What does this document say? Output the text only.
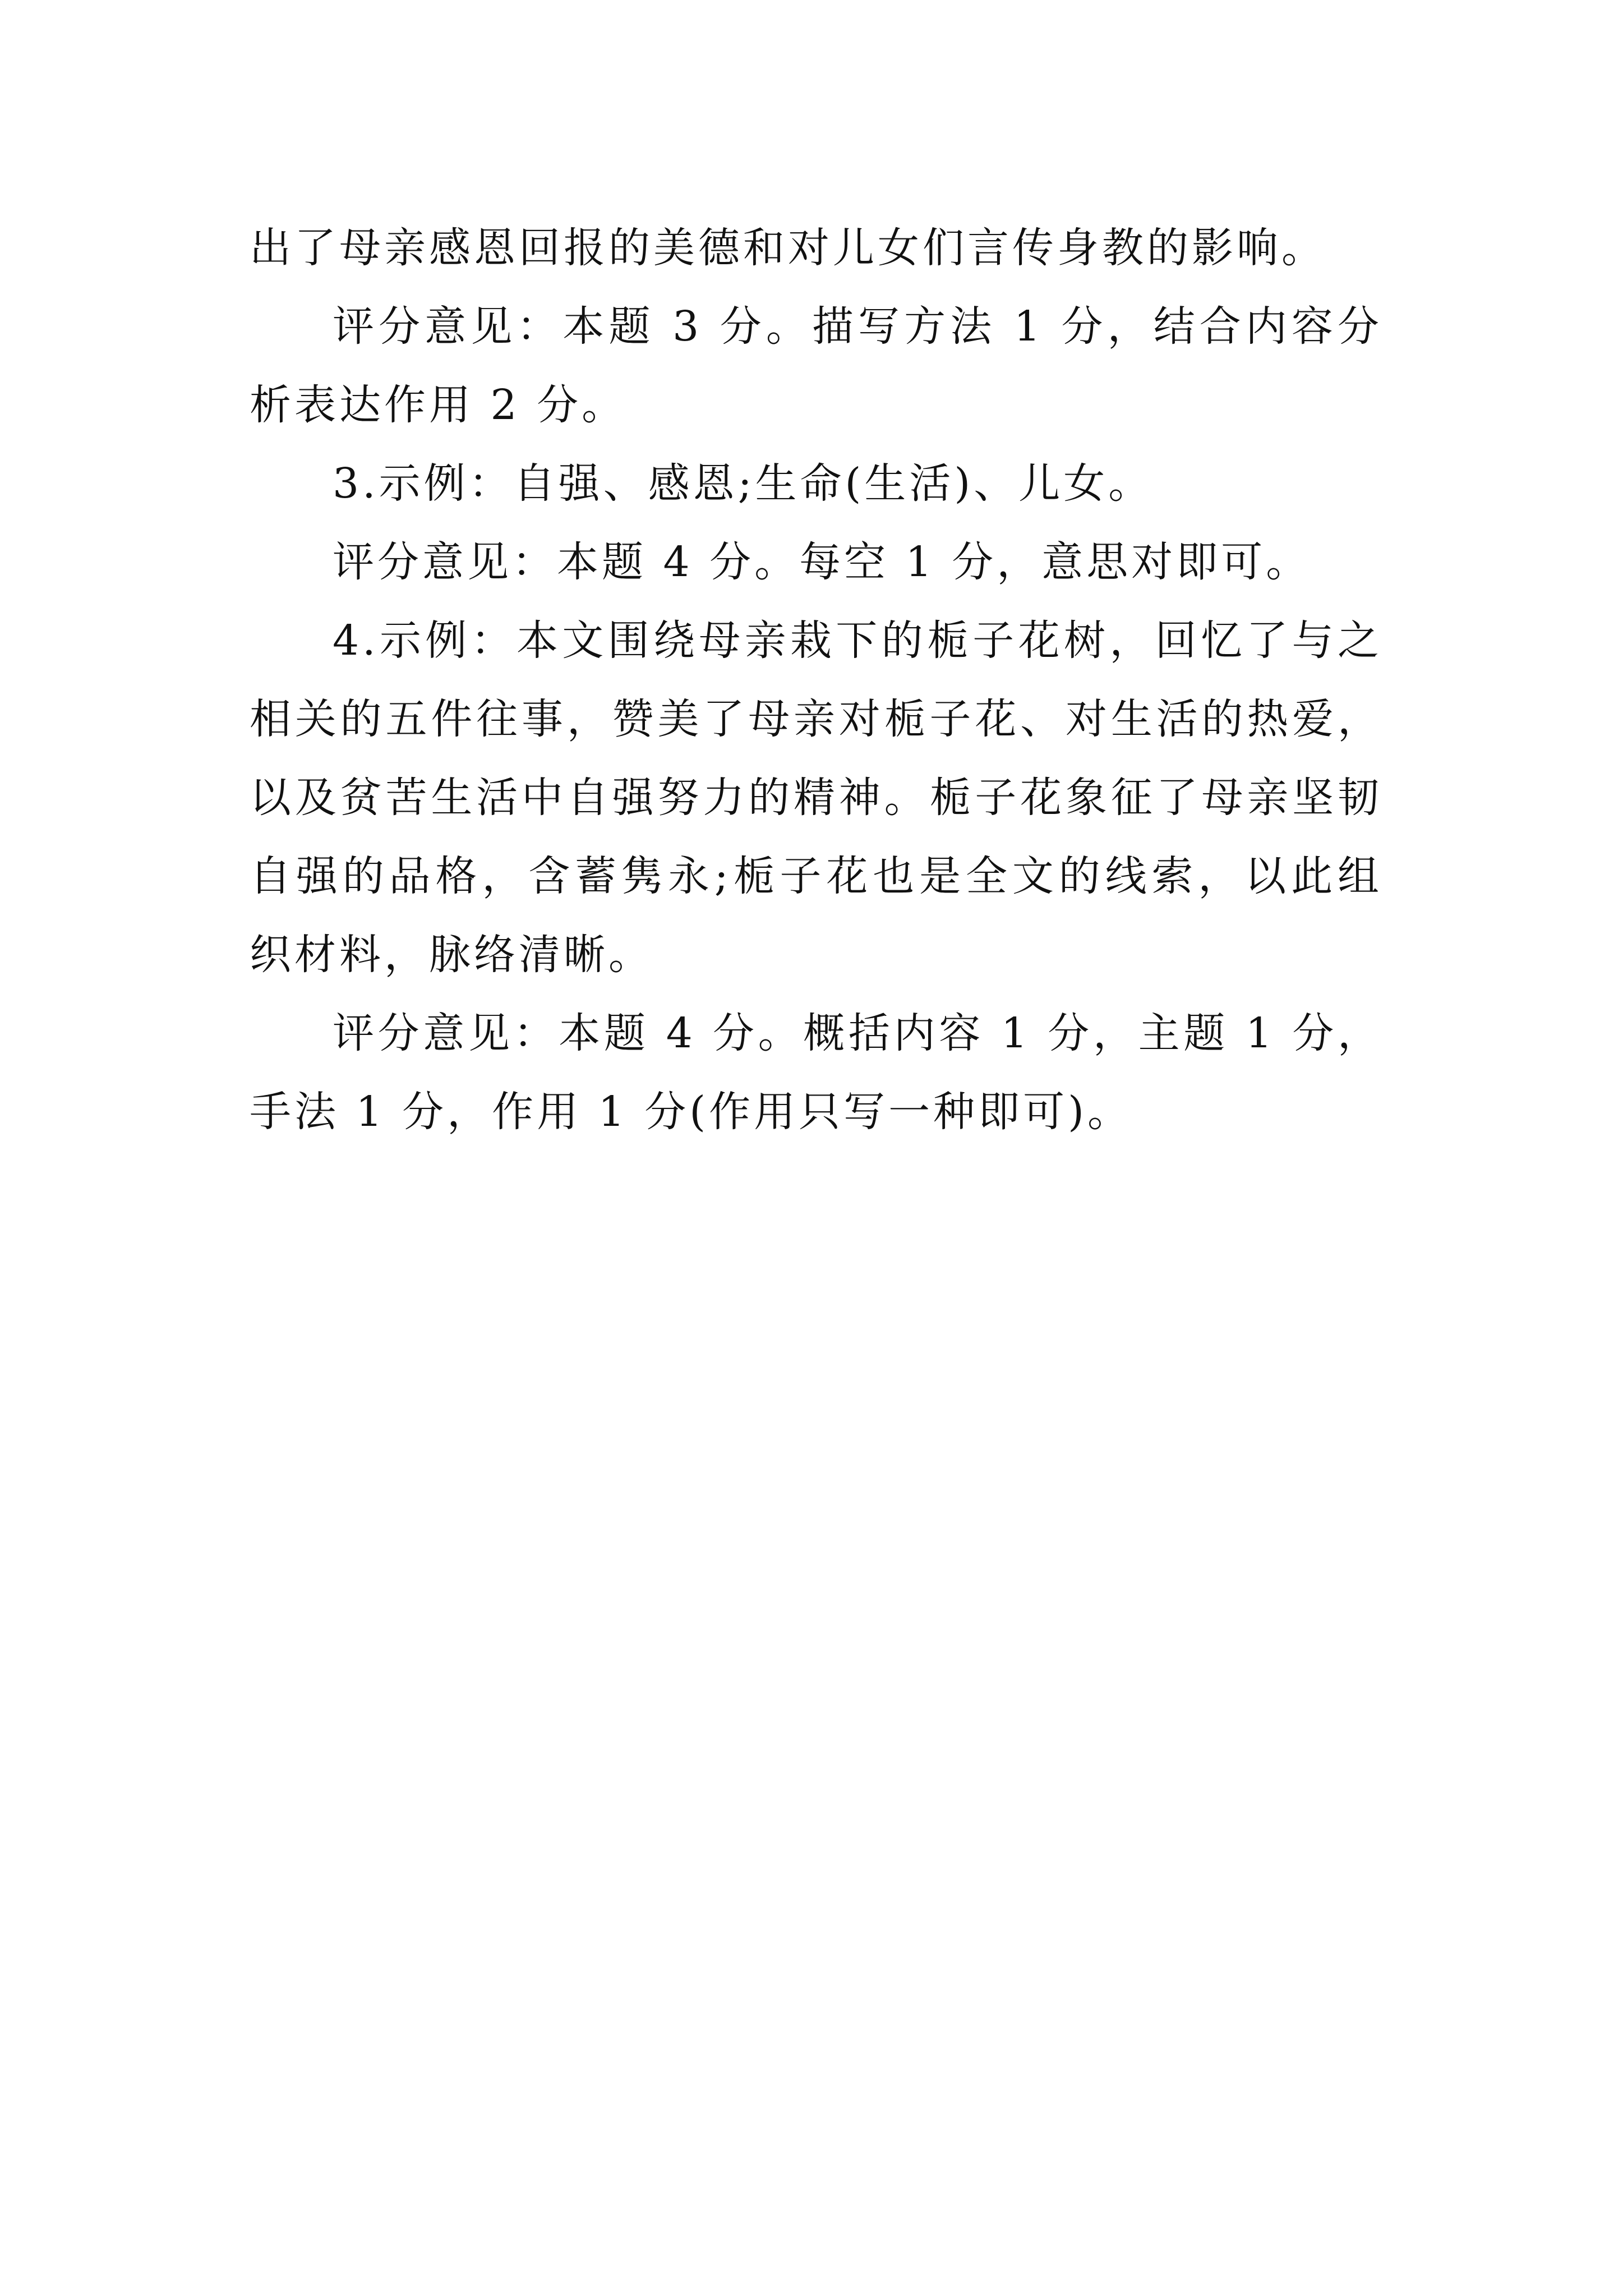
出了母亲感恩回报的美德和对儿女们言传身教的影响。

评分意见：本题 3 分。描写方法 1 分，结合内容分析表达作用 2 分。

3.示例：自强、感恩;生命(生活)、儿女。

评分意见：本题 4 分。每空 1 分，意思对即可。

4.示例：本文围绕母亲栽下的栀子花树，回忆了与之相关的五件往事，赞美了母亲对栀子花、对生活的热爱，以及贫苦生活中自强努力的精神。栀子花象征了母亲坚韧自强的品格，含蓄隽永;栀子花也是全文的线索，以此组织材料，脉络清晰。

评分意见：本题 4 分。概括内容 1 分，主题 1 分，手法 1 分，作用 1 分(作用只写一种即可)。
